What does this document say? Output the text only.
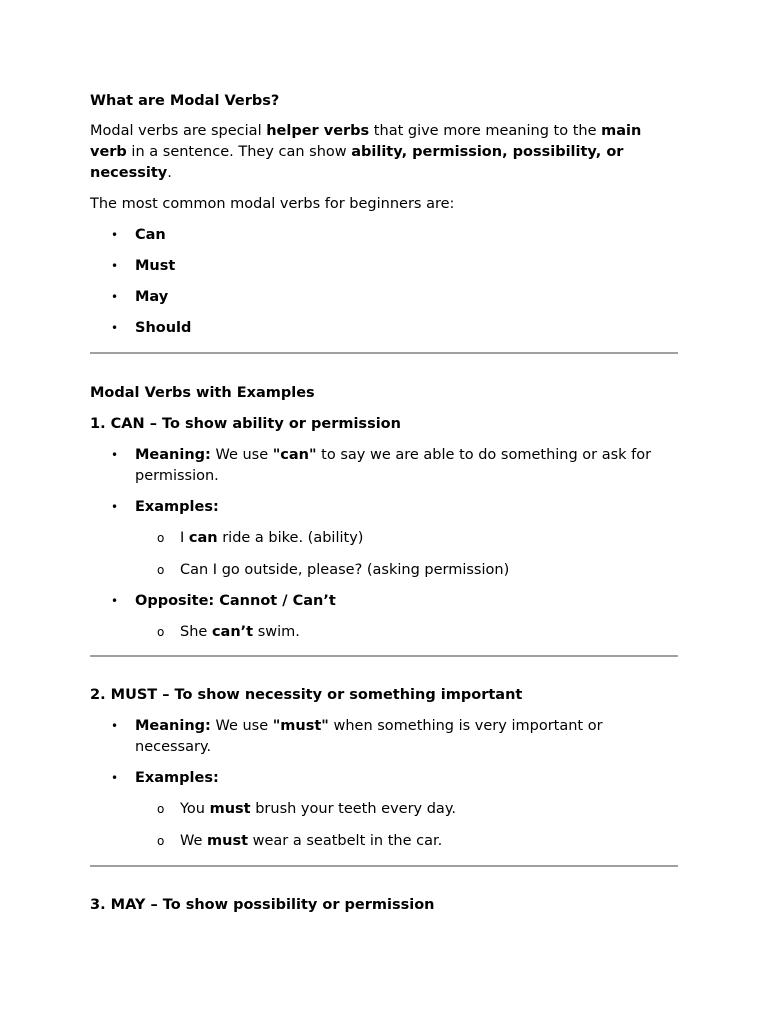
What are Modal Verbs?

Modal verbs are special helper verbs that give more meaning to the main verb in a sentence. They can show ability, permission, possibility, or necessity.

The most common modal verbs for beginners are:

• Can
• Must
• May
• Should
Modal Verbs with Examples
1. CAN – To show ability or permission
• Meaning: We use "can" to say we are able to do something or ask for permission.
• Examples:
o I can ride a bike. (ability)
o Can I go outside, please? (asking permission)
• Opposite: Cannot / Can’t
o She can’t swim.
2. MUST – To show necessity or something important
• Meaning: We use "must" when something is very important or necessary.
• Examples:
o You must brush your teeth every day.
o We must wear a seatbelt in the car.
3. MAY – To show possibility or permission
